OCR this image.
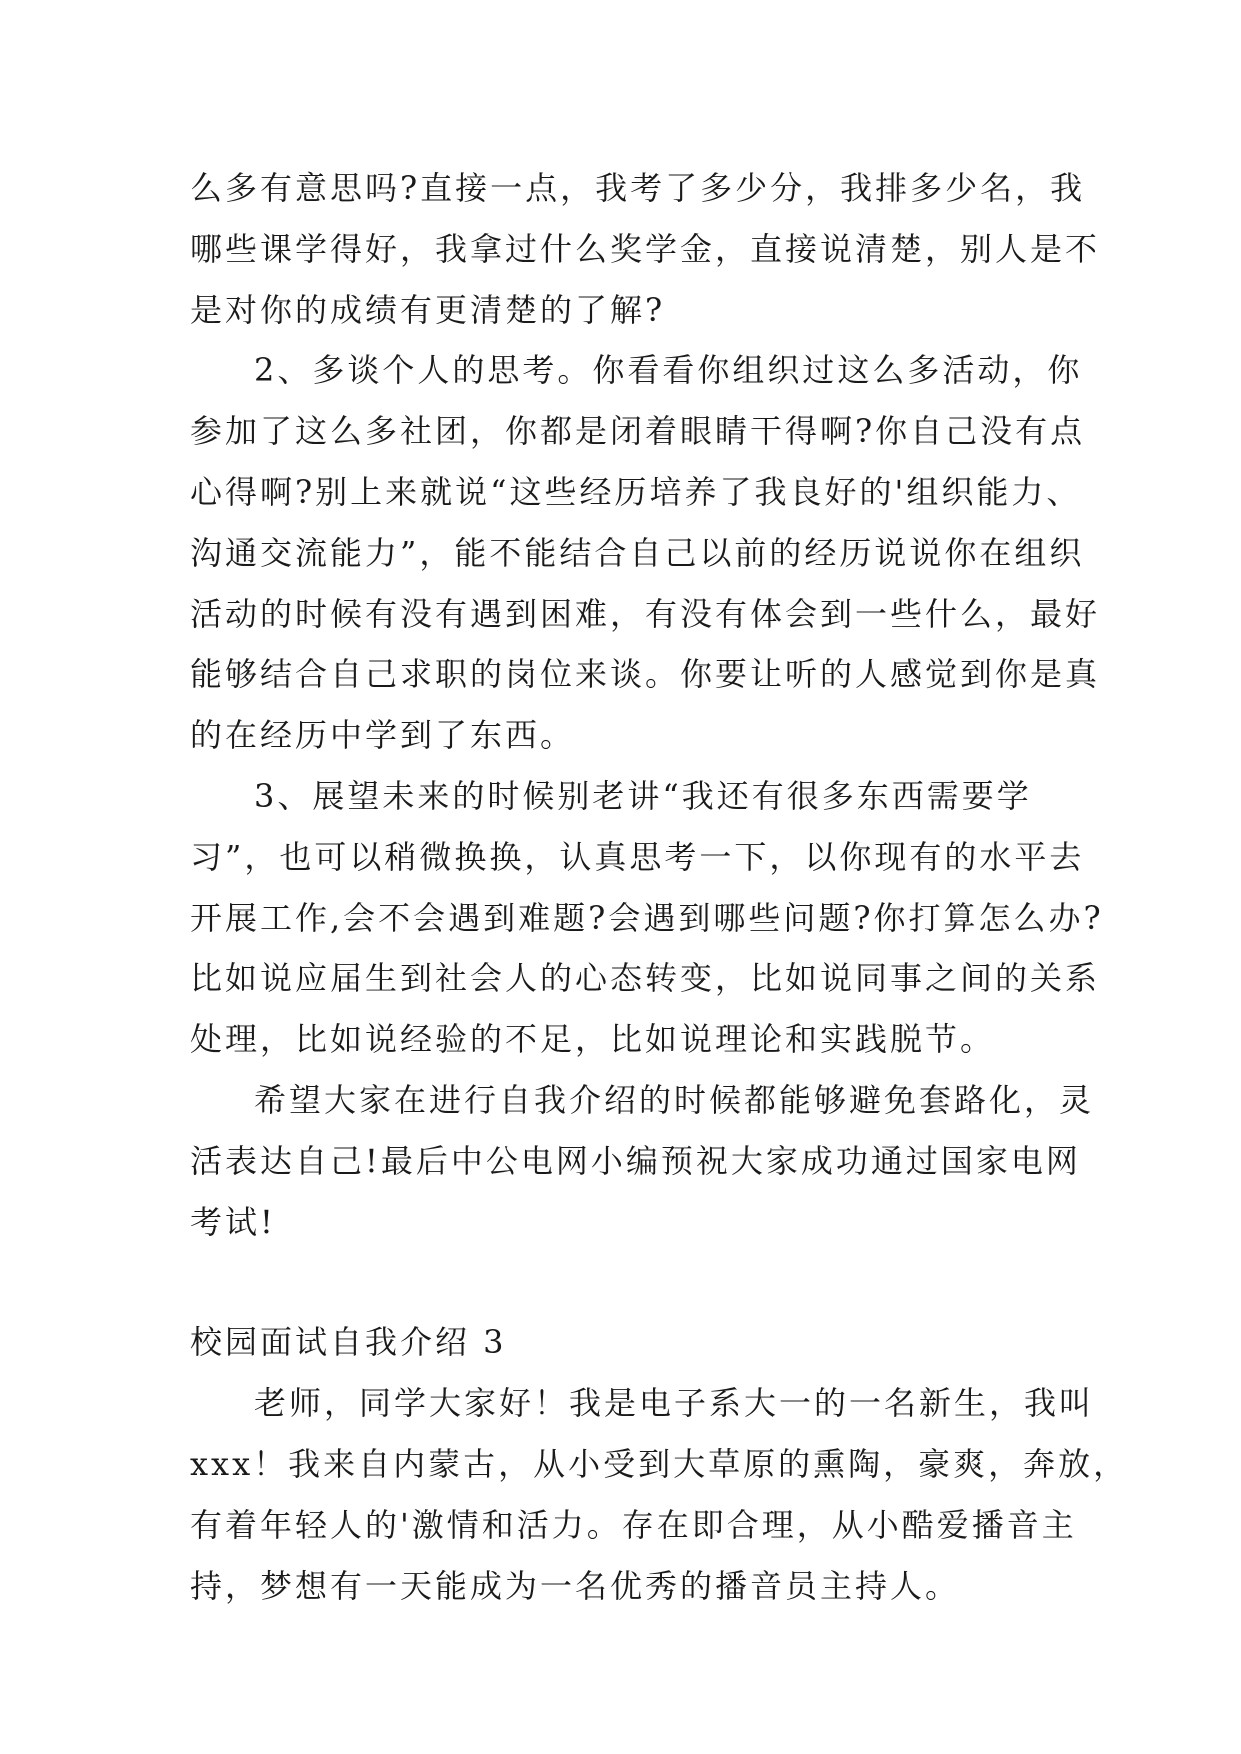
么多有意思吗?直接一点，我考了多少分，我排多少名，我
哪些课学得好，我拿过什么奖学金，直接说清楚，别人是不
是对你的成绩有更清楚的了解?
2、多谈个人的思考。你看看你组织过这么多活动，你
参加了这么多社团，你都是闭着眼睛干得啊?你自己没有点
心得啊?别上来就说“这些经历培养了我良好的'组织能力、
沟通交流能力”，能不能结合自己以前的经历说说你在组织
活动的时候有没有遇到困难，有没有体会到一些什么，最好
能够结合自己求职的岗位来谈。你要让听的人感觉到你是真
的在经历中学到了东西。
3、展望未来的时候别老讲“我还有很多东西需要学
习”，也可以稍微换换，认真思考一下，以你现有的水平去
开展工作,会不会遇到难题?会遇到哪些问题?你打算怎么办?
比如说应届生到社会人的心态转变，比如说同事之间的关系
处理，比如说经验的不足，比如说理论和实践脱节。
希望大家在进行自我介绍的时候都能够避免套路化，灵
活表达自己!最后中公电网小编预祝大家成功通过国家电网
考试!
校园面试自我介绍 3
老师，同学大家好！我是电子系大一的一名新生，我叫
xxx！我来自内蒙古，从小受到大草原的熏陶，豪爽，奔放，
有着年轻人的'激情和活力。存在即合理，从小酷爱播音主
持，梦想有一天能成为一名优秀的播音员主持人。
